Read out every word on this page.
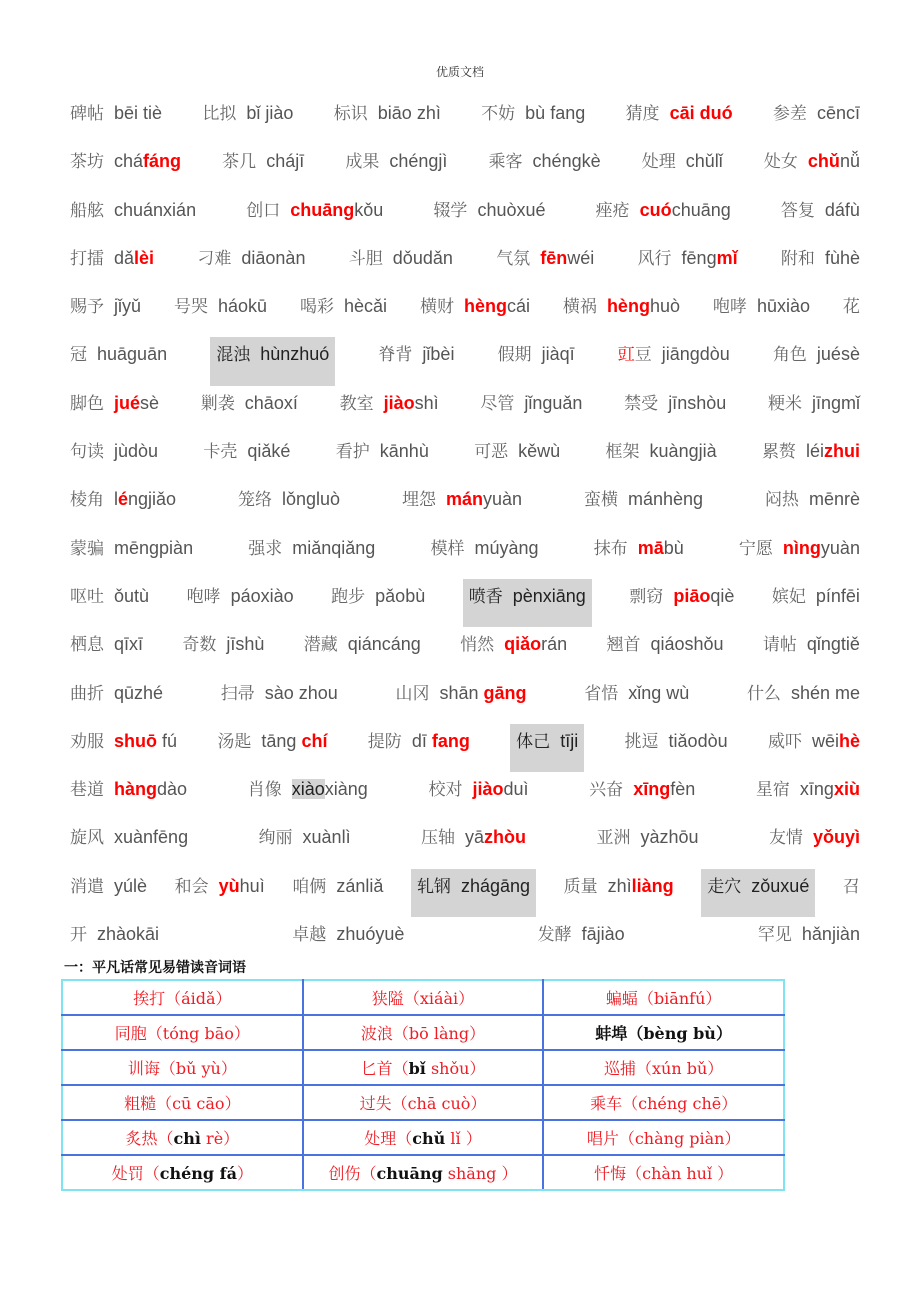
优质文档
碑帖 bēi tiè 比拟 bǐ jiào 标识 biāo zhì 不妨 bù fang 猜度 cāi duó 参差 cēncī
茶坊 cháfáng 茶几 chájī 成果 chéngjì 乘客 chéngkè 处理 chǔlǐ 处女 chǔnǚ
船舷 chuánxián	创口 chuāngkǒu	辍学 chuòxué	痤疮 cuóchuāng	答复 dáfù
打擂 dǎlèi	刁难 diāonàn	斗胆 dǒudǎn	气氛 fēnwéi	风行 fēngmǐ	附和 fùhè
赐予 jǐyǔ 号哭 háokū 喝彩 hècǎi 横财 hèngcái 横祸 hènghuò 咆哮 hūxiào 花
冠 huāguān	混浊 hùnzhuó	脊背 jǐbèi	假期 jiàqī	豇豆 jiāngdòu	角色 juésè
脚色 juésè 剿袭 chāoxí 教室 jiàoshì 尽管 jǐnguǎn 禁受 jīnshòu 粳米 jīngmǐ
句读 jùdòu	卡壳 qiǎké	看护 kānhù	可恶 kěwù	框架 kuàngjià	累赘 léizhui
棱角 léngjiǎo	笼络 lǒngluò	埋怨 mányuàn	蛮横 mánhèng	闷热 mēnrè
蒙骗 mēngpiàn	强求 miǎnqiǎng	模样 múyàng	抹布 mābù	宁愿 nìngyuàn
呕吐 ǒutù 咆哮 páoxiào 跑步 pǎobù	喷香 pènxiāng	剽窃 piāoqiè 嫔妃 pínfēi
栖息 qīxī 奇数 jīshù 潜藏 qiáncáng 悄然 qiǎorán 翘首 qiáoshǒu 请帖 qǐngtiě
曲折 qūzhé	扫帚 sào zhou	山冈 shān gāng	省悟 xǐng wù	什么 shén me
劝服 shuō fú 汤匙 tāng chí 提防 dī fang	体己 tīji	挑逗 tiǎodòu 威吓 wēihè
巷道 hàngdào	肖像 xiàoxiàng	校对 jiàoduì	兴奋 xīngfèn	星宿 xīngxiù
旋风 xuànfēng	绚丽 xuànlì	压轴 yāzhòu	亚洲 yàzhōu	友情 yǒuyì
消遣 yúlè 和会 yùhuì 咱俩 zánliǎ	轧钢 zhágāng	质量 zhìliàng	走穴 zǒuxué	召
开 zhàokāi	卓越 zhuóyuè	发酵 fājiào	罕见 hǎnjiàn
一：平凡话常见易错读音词语
挨打（áidǎ）	狭隘（xiáài）	蝙蝠（biānfú）
同胞（tóng bāo）	波浪（bō làng）	蚌埠（bèng bù）
训诲（bǔ yù）	匕首（bǐ shǒu）	巡捕（xún bǔ）
粗糙（cū cāo）	过失（chā cuò）	乘车（chéng chē）
炙热（chì rè）	处理（chǔ lǐ ）	唱片（chàng piàn）
处罚（chéng fá）	创伤（chuāng shāng ）	忏悔（chàn huǐ ）
